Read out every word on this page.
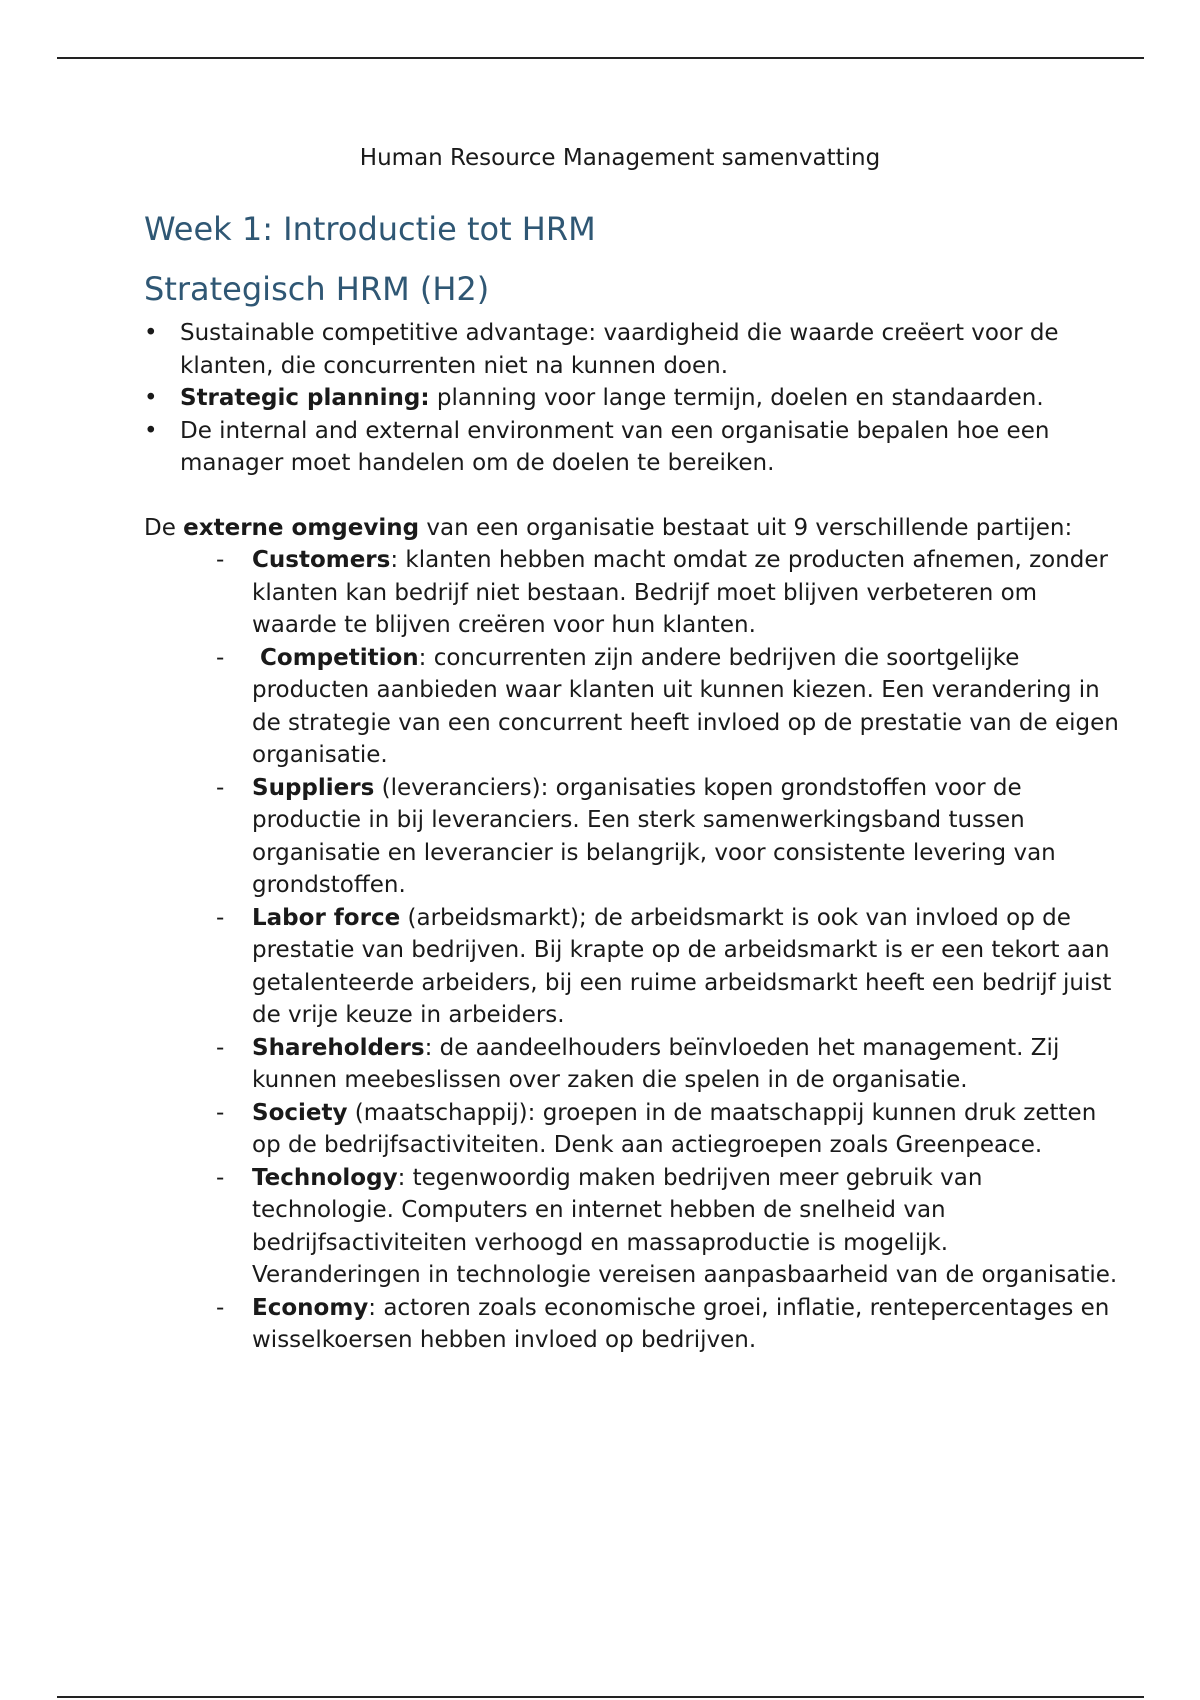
Human Resource Management samenvatting
Week 1: Introductie tot HRM
Strategisch HRM (H2)
• Sustainable competitive advantage: vaardigheid die waarde creëert voor de klanten, die concurrenten niet na kunnen doen.
• Strategic planning: planning voor lange termijn, doelen en standaarden.
• De internal and external environment van een organisatie bepalen hoe een manager moet handelen om de doelen te bereiken.

De externe omgeving van een organisatie bestaat uit 9 verschillende partijen:

- Customers: klanten hebben macht omdat ze producten afnemen, zonder klanten kan bedrijf niet bestaan. Bedrijf moet blijven verbeteren om waarde te blijven creëren voor hun klanten.
- Competition: concurrenten zijn andere bedrijven die soortgelijke producten aanbieden waar klanten uit kunnen kiezen. Een verandering in de strategie van een concurrent heeft invloed op de prestatie van de eigen organisatie.
- Suppliers (leveranciers): organisaties kopen grondstoffen voor de productie in bij leveranciers. Een sterk samenwerkingsband tussen organisatie en leverancier is belangrijk, voor consistente levering van grondstoffen.
- Labor force (arbeidsmarkt); de arbeidsmarkt is ook van invloed op de prestatie van bedrijven. Bij krapte op de arbeidsmarkt is er een tekort aan getalenteerde arbeiders, bij een ruime arbeidsmarkt heeft een bedrijf juist de vrije keuze in arbeiders.
- Shareholders: de aandeelhouders beïnvloeden het management. Zij kunnen meebeslissen over zaken die spelen in de organisatie.
- Society (maatschappij): groepen in de maatschappij kunnen druk zetten op de bedrijfsactiviteiten. Denk aan actiegroepen zoals Greenpeace.
- Technology: tegenwoordig maken bedrijven meer gebruik van technologie. Computers en internet hebben de snelheid van bedrijfsactiviteiten verhoogd en massaproductie is mogelijk. Veranderingen in technologie vereisen aanpasbaarheid van de organisatie.
- Economy: actoren zoals economische groei, inflatie, rentepercentages en wisselkoersen hebben invloed op bedrijven.
